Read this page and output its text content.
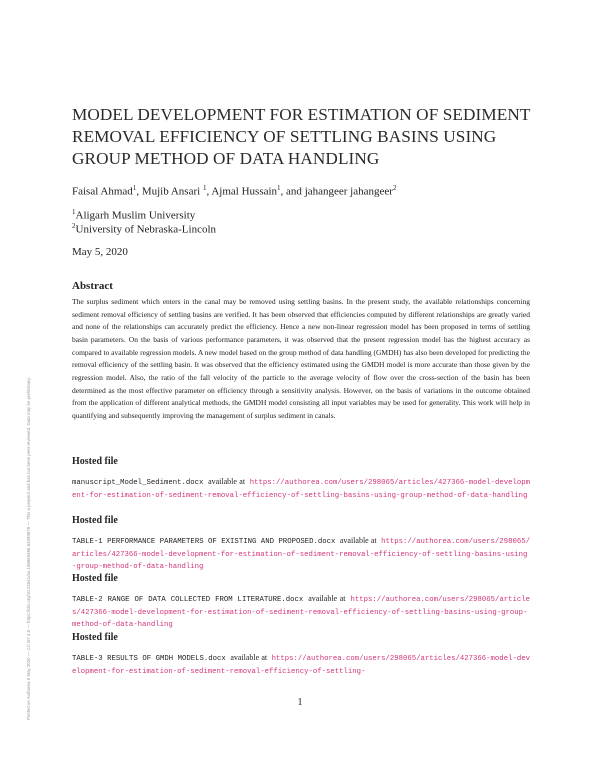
Posted on Authorea 5 May 2020 — CC BY 4.0 — https://doi.org/10.22541/au.158869485.53399878 — This a preprint and has not been peer reviewed. Data may be preliminary.
MODEL DEVELOPMENT FOR ESTIMATION OF SEDIMENT REMOVAL EFFICIENCY OF SETTLING BASINS USING GROUP METHOD OF DATA HANDLING
Faisal Ahmad$^1$, Mujib Ansari $^1$, Ajmal Hussain$^1$, and jahangeer jahangeer$^2$
$^1$Aligarh Muslim University
$^2$University of Nebraska-Lincoln
May 5, 2020
Abstract

The surplus sediment which enters in the canal may be removed using settling basins. In the present study, the available relationships concerning sediment removal efficiency of settling basins are verified. It has been observed that efficiencies computed by different relationships are greatly varied and none of the relationships can accurately predict the efficiency. Hence a new non-linear regression model has been proposed in terms of settling basin parameters. On the basis of various performance parameters, it was observed that the present regression model has the highest accuracy as compared to available regression models. A new model based on the group method of data handling (GMDH) has also been developed for predicting the removal efficiency of the settling basin. It was observed that the efficiency estimated using the GMDH model is more accurate than those given by the regression model. Also, the ratio of the fall velocity of the particle to the average velocity of flow over the cross-section of the basin has been determined as the most effective parameter on efficiency through a sensitivity analysis. However, on the basis of variations in the outcome obtained from the application of different analytical methods, the GMDH model consisting all input variables may be used for generality. This work will help in quantifying and subsequently improving the management of surplus sediment in canals.

Hosted file

manuscript_Model_Sediment.docx available at https://authorea.com/users/298065/articles/427366-model-development-for-estimation-of-sediment-removal-efficiency-of-settling-basins-using-group-method-of-data-handling

Hosted file

TABLE-1 PERFORMANCE PARAMETERS OF EXISTING AND PROPOSED.docx available at https://authorea.com/users/298065/articles/427366-model-development-for-estimation-of-sediment-removal-efficiency-of-settling-basins-using-group-method-of-data-handling

Hosted file

TABLE-2 RANGE OF DATA COLLECTED FROM LITERATURE.docx available at https://authorea.com/users/298065/articles/427366-model-development-for-estimation-of-sediment-removal-efficiency-of-settling-basins-using-group-method-of-data-handling

Hosted file

TABLE-3 RESULTS OF GMDH MODELS.docx available at https://authorea.com/users/298065/articles/427366-model-development-for-estimation-of-sediment-removal-efficiency-of-settling-

1
